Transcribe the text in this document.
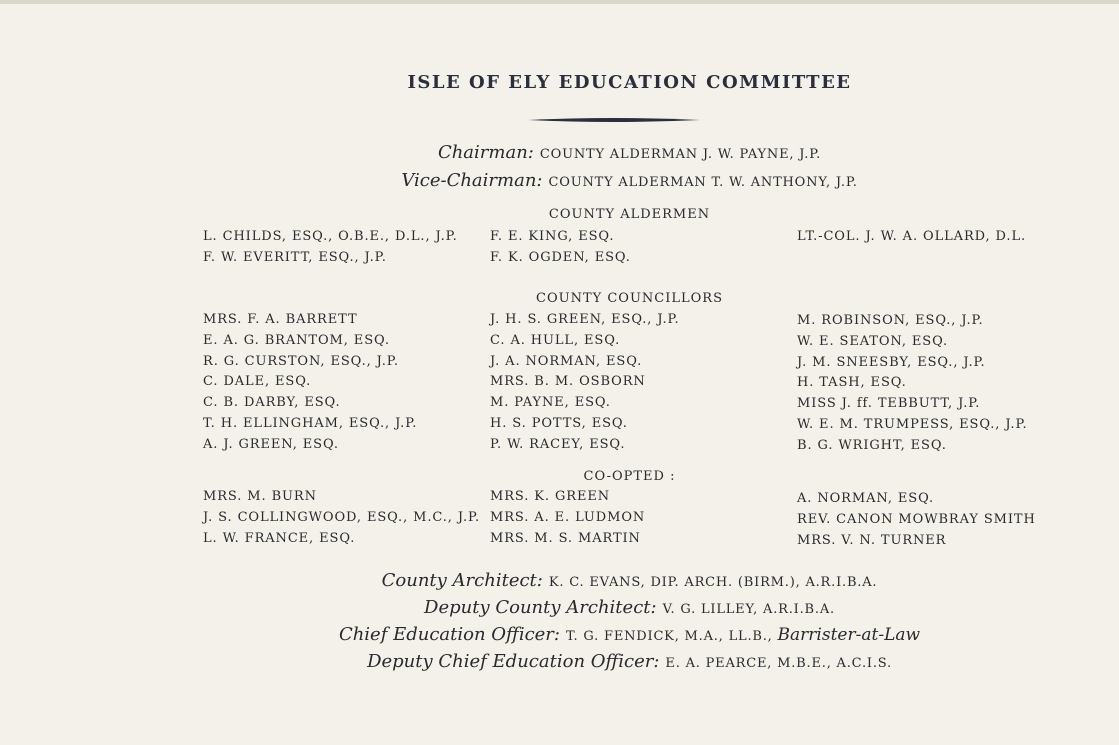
ISLE OF ELY EDUCATION COMMITTEE
Chairman: COUNTY ALDERMAN J. W. PAYNE, J.P.
Vice-Chairman: COUNTY ALDERMAN T. W. ANTHONY, J.P.
COUNTY ALDERMEN
L. CHILDS, ESQ., O.B.E., D.L., J.P.
F. W. EVERITT, ESQ., J.P.
F. E. KING, ESQ.
F. K. OGDEN, ESQ.
LT.-COL. J. W. A. OLLARD, D.L.
COUNTY COUNCILLORS
MRS. F. A. BARRETT
E. A. G. BRANTOM, ESQ.
R. G. CURSTON, ESQ., J.P.
C. DALE, ESQ.
C. B. DARBY, ESQ.
T. H. ELLINGHAM, ESQ., J.P.
A. J. GREEN, ESQ.
J. H. S. GREEN, ESQ., J.P.
C. A. HULL, ESQ.
J. A. NORMAN, ESQ.
MRS. B. M. OSBORN
M. PAYNE, ESQ.
H. S. POTTS, ESQ.
P. W. RACEY, ESQ.
M. ROBINSON, ESQ., J.P.
W. E. SEATON, ESQ.
J. M. SNEESBY, ESQ., J.P.
H. TASH, ESQ.
MISS J. ff. TEBBUTT, J.P.
W. E. M. TRUMPESS, ESQ., J.P.
B. G. WRIGHT, ESQ.
CO-OPTED :
MRS. M. BURN
J. S. COLLINGWOOD, ESQ., M.C., J.P.
L. W. FRANCE, ESQ.
MRS. K. GREEN
MRS. A. E. LUDMON
MRS. M. S. MARTIN
A. NORMAN, ESQ.
REV. CANON MOWBRAY SMITH
MRS. V. N. TURNER
County Architect: K. C. EVANS, DIP. ARCH. (BIRM.), A.R.I.B.A.
Deputy County Architect: V. G. LILLEY, A.R.I.B.A.
Chief Education Officer: T. G. FENDICK, M.A., LL.B., Barrister-at-Law
Deputy Chief Education Officer: E. A. PEARCE, M.B.E., A.C.I.S.
